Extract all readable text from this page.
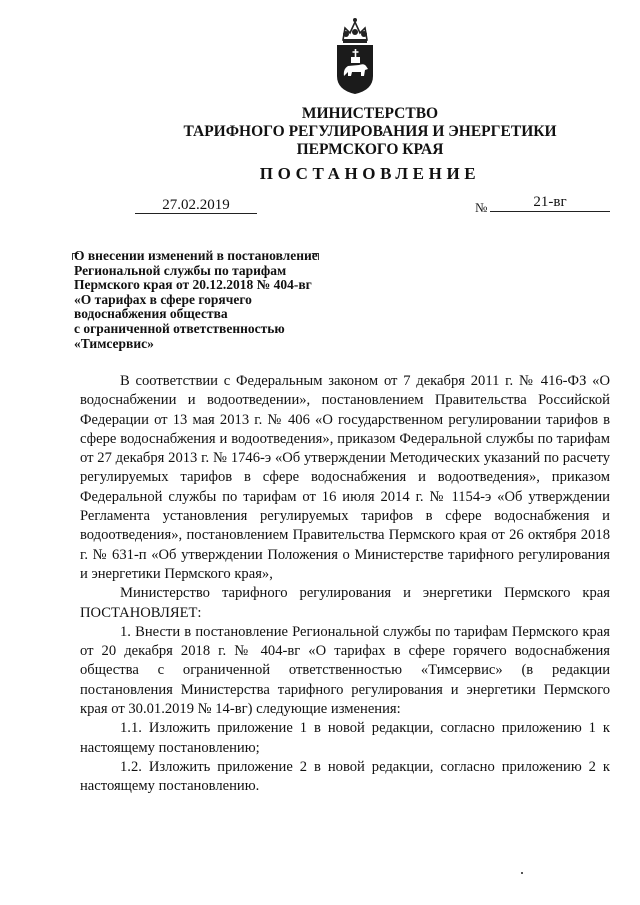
МИНИСТЕРСТВО
ТАРИФНОГО РЕГУЛИРОВАНИЯ И ЭНЕРГЕТИКИ
ПЕРМСКОГО КРАЯ
ПОСТАНОВЛЕНИЕ
27.02.2019	№	21-вг
О внесении изменений в постановление
Региональной службы по тарифам
Пермского края от 20.12.2018 № 404-вг
«О тарифах в сфере горячего
водоснабжения общества
с ограниченной ответственностью
«Тимсервис»

В соответствии с Федеральным законом от 7 декабря 2011 г. № 416-ФЗ «О водоснабжении и водоотведении», постановлением Правительства Российской Федерации от 13 мая 2013 г. № 406 «О государственном регулировании тарифов в сфере водоснабжения и водоотведения», приказом Федеральной службы по тарифам от 27 декабря 2013 г. № 1746-э «Об утверждении Методических указаний по расчету регулируемых тарифов в сфере водоснабжения и водоотведения», приказом Федеральной службы по тарифам от 16 июля 2014 г. № 1154-э «Об утверждении Регламента установления регулируемых тарифов в сфере водоснабжения и водоотведения», постановлением Правительства Пермского края от 26 октября 2018 г. № 631-п «Об утверждении Положения о Министерстве тарифного регулирования и энергетики Пермского края»,

Министерство тарифного регулирования и энергетики Пермского края ПОСТАНОВЛЯЕТ:

1. Внести в постановление Региональной службы по тарифам Пермского края от 20 декабря 2018 г. № 404-вг «О тарифах в сфере горячего водоснабжения общества с ограниченной ответственностью «Тимсервис» (в редакции постановления Министерства тарифного регулирования и энергетики Пермского края от 30.01.2019 № 14-вг) следующие изменения:

1.1. Изложить приложение 1 в новой редакции, согласно приложению 1 к настоящему постановлению;

1.2. Изложить приложение 2 в новой редакции, согласно приложению 2 к настоящему постановлению.
